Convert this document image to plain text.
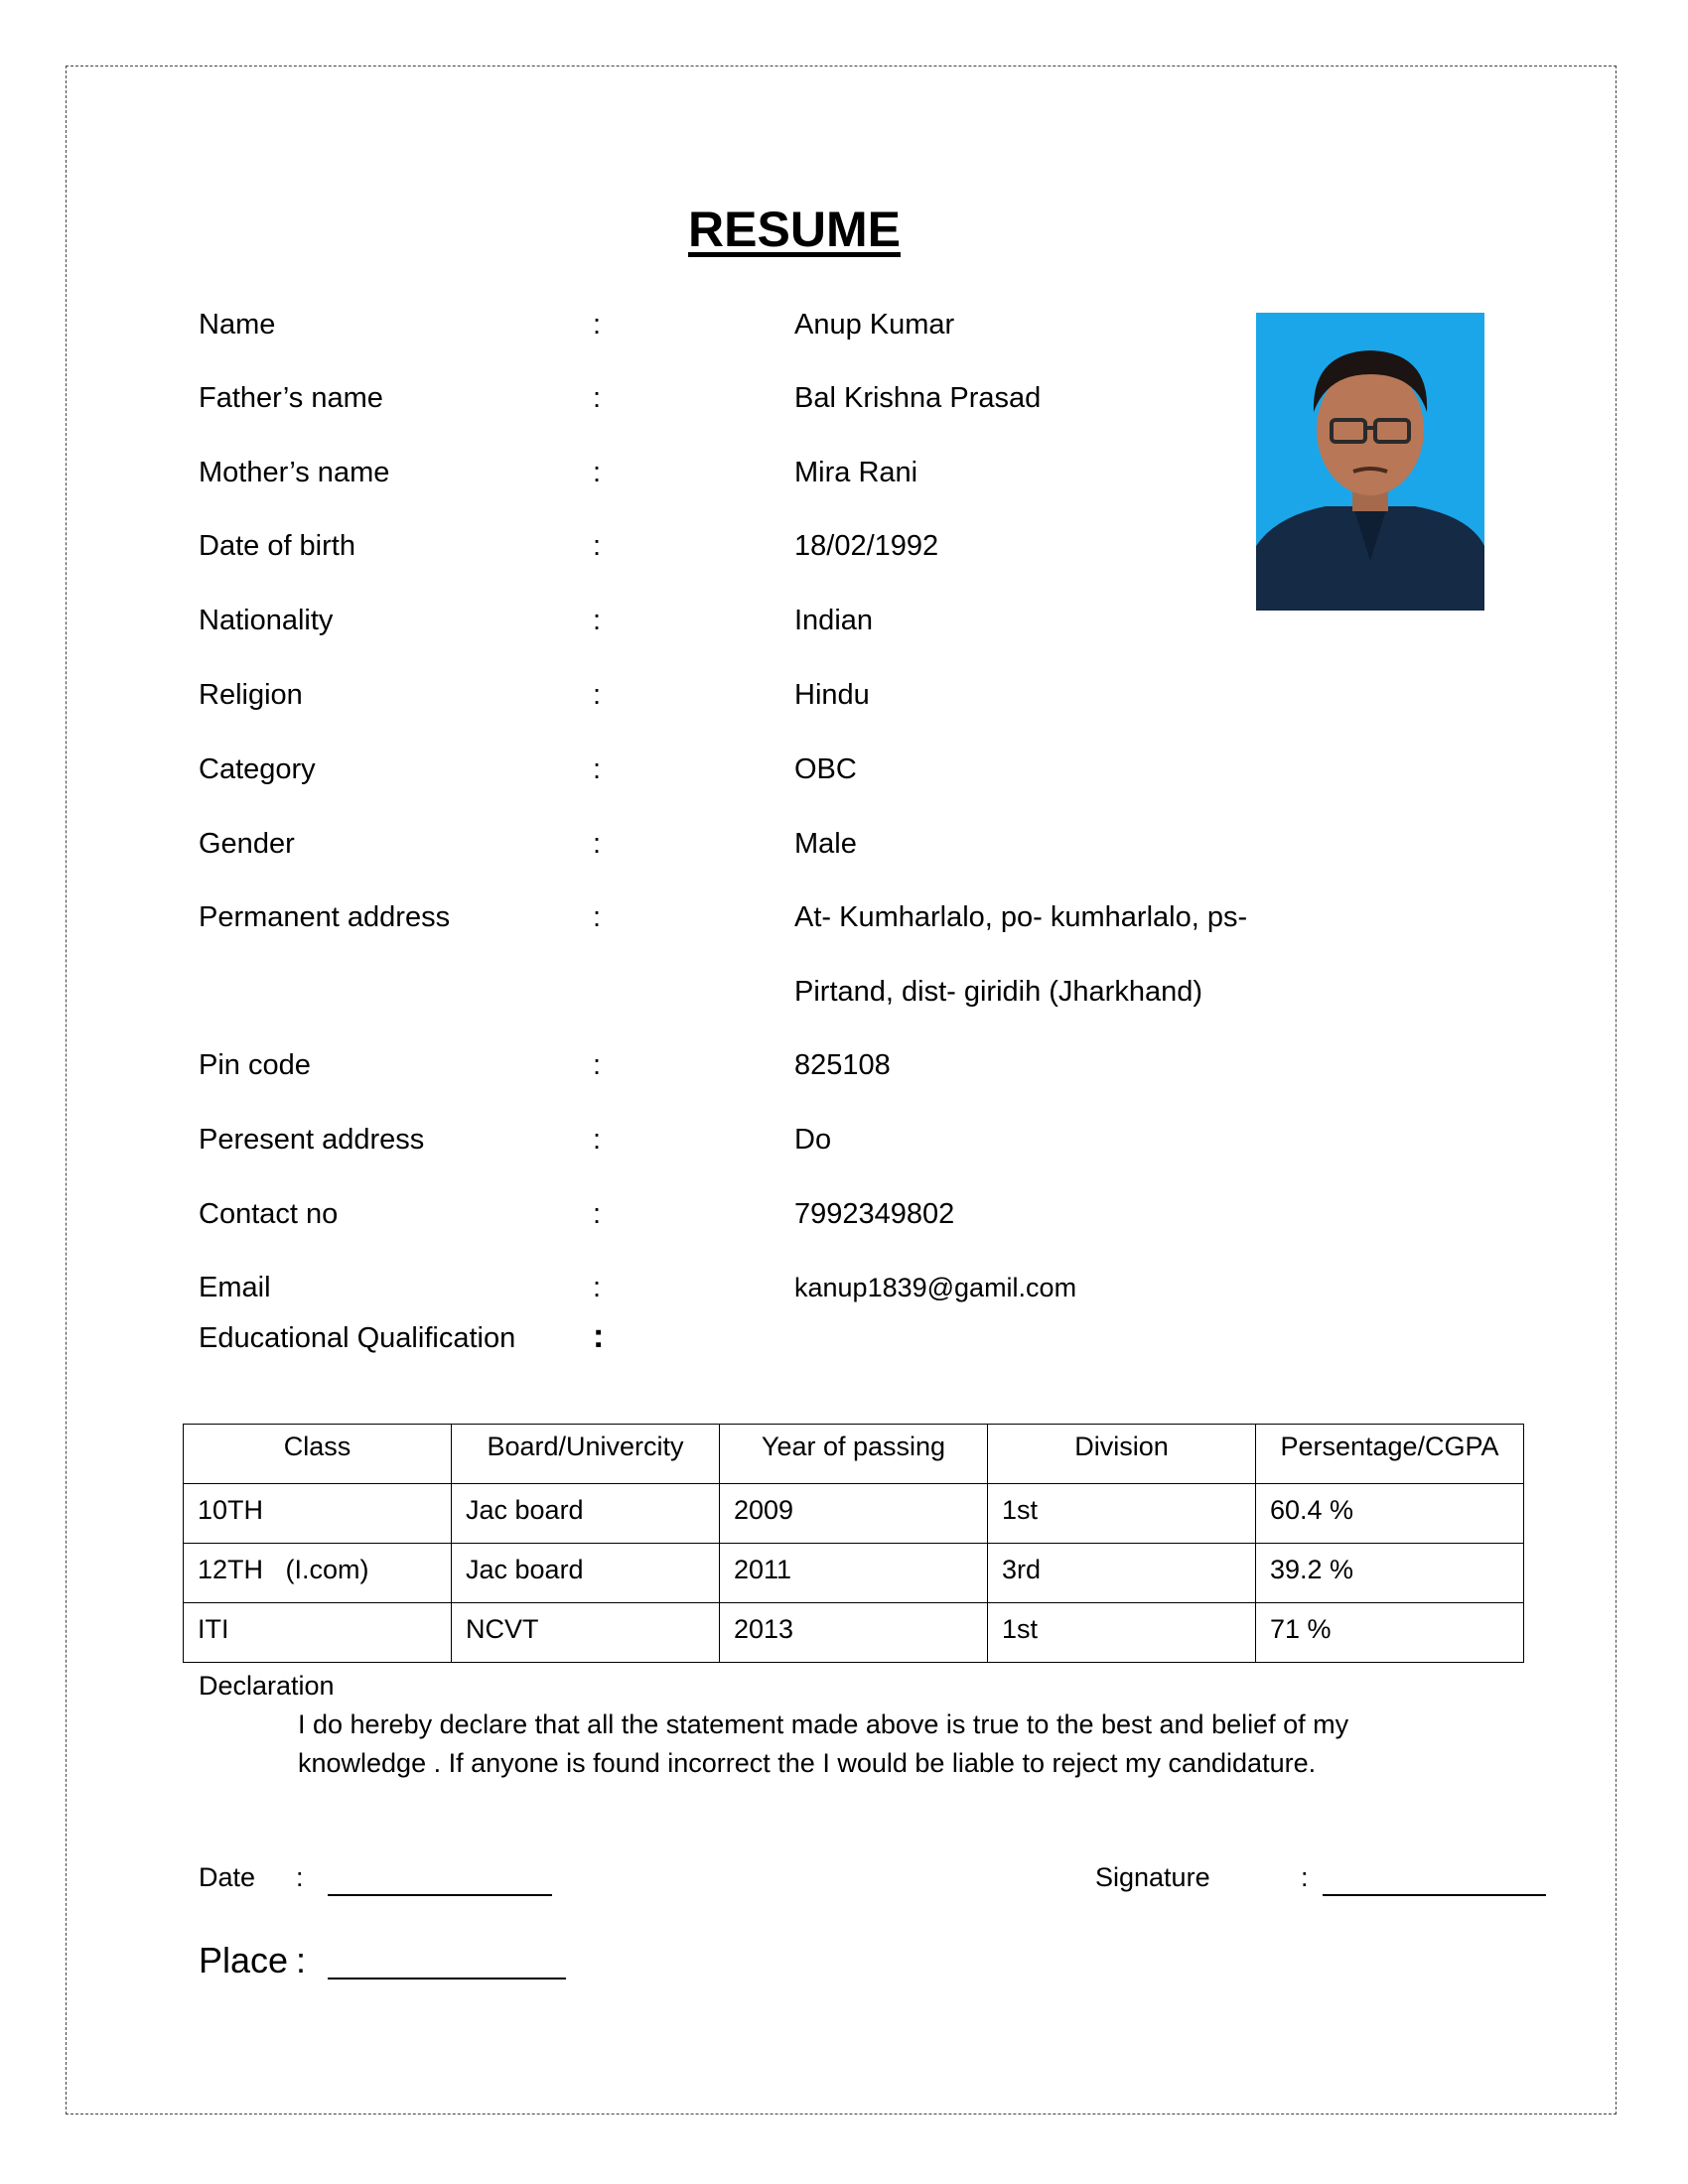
RESUME
Name	:	Anup Kumar
Father’s name	:	Bal Krishna Prasad
Mother’s name	:	Mira Rani
Date of birth	:	18/02/1992
Nationality	:	Indian
Religion	:	Hindu
Category	:	OBC
Gender	:	Male
Permanent address	:	At- Kumharlalo, po- kumharlalo, ps-
Pirtand, dist- giridih (Jharkhand)
Pin code	:	825108
Peresent address	:	Do
Contact no	:	7992349802
Email	:	kanup1839@gamil.com
Educational Qualification :
Class	Board/Univercity	Year of passing	Division	Persentage/CGPA
10TH	Jac board	2009	1st	60.4 %
12TH   (I.com)	Jac board	2011	3rd	39.2 %
ITI	NCVT	2013	1st	71 %
Declaration
I do hereby declare that all the statement made above is true to the best and belief of my knowledge . If anyone is found incorrect the I would be liable to reject my candidature.
Date :	Signature	:
Place :
